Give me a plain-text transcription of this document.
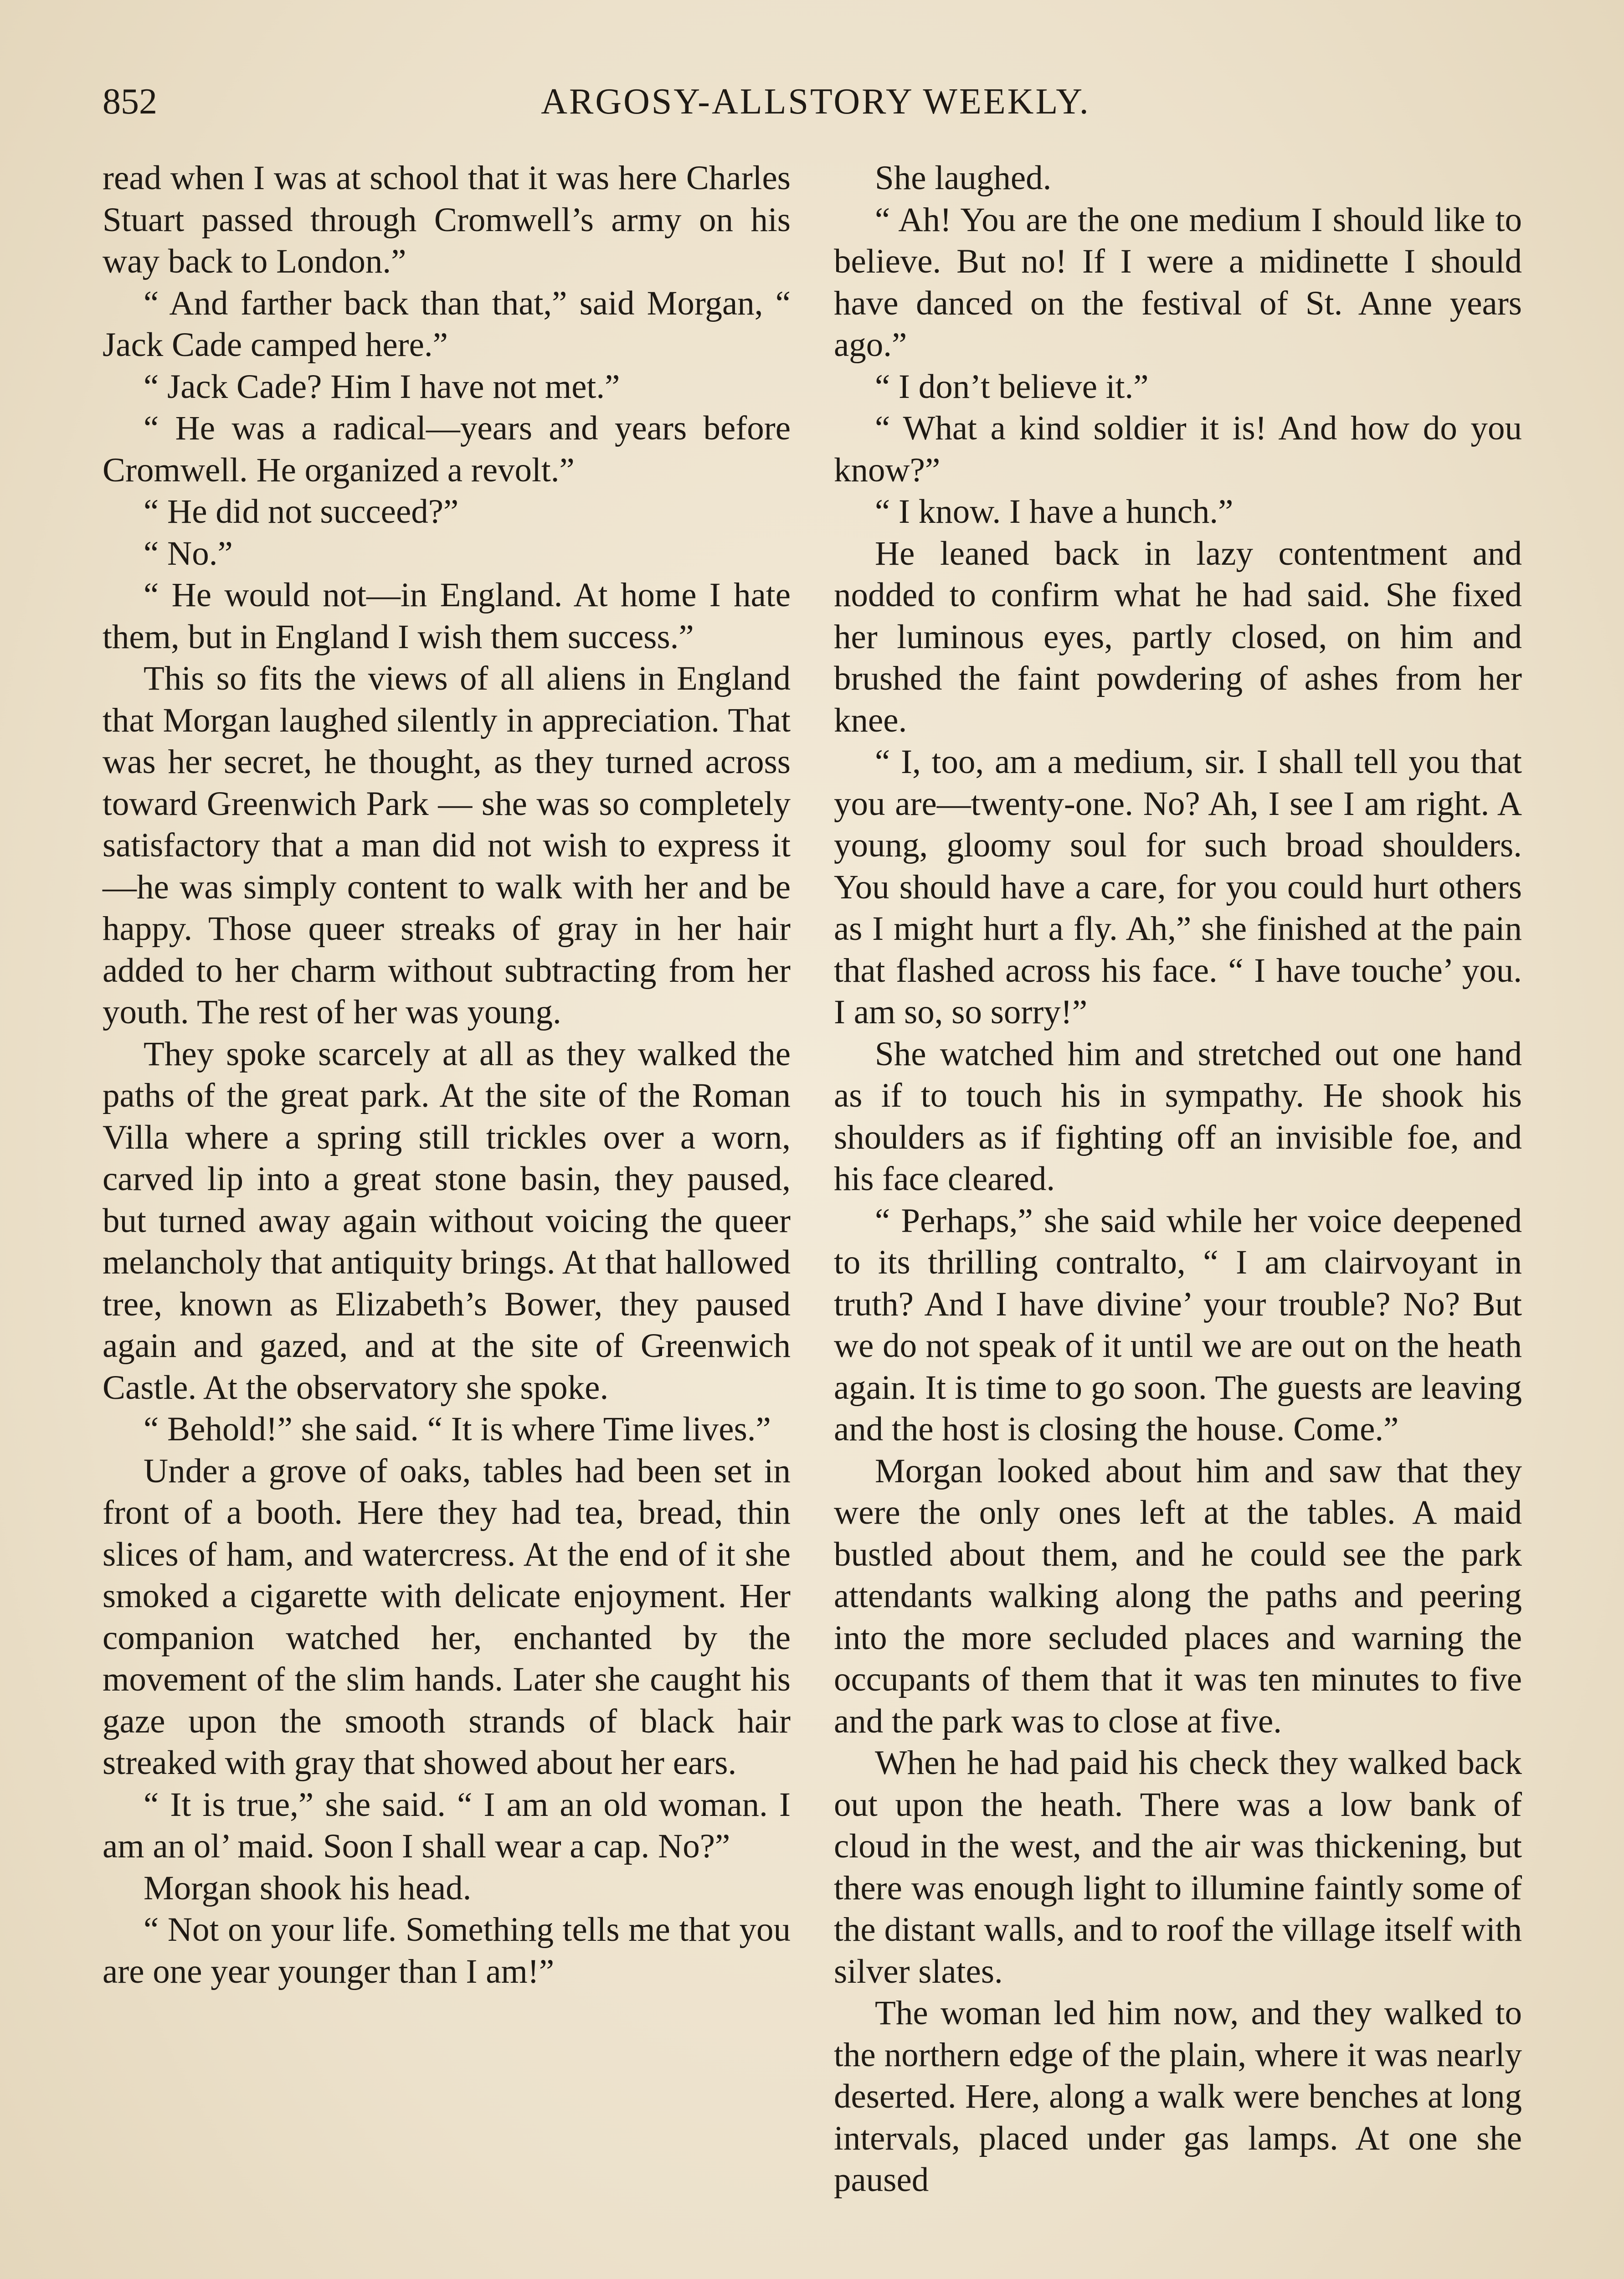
852	ARGOSY-ALLSTORY WEEKLY.

read when I was at school that it was here Charles Stuart passed through Cromwell’s army on his way back to London.”

“ And farther back than that,” said Morgan, “ Jack Cade camped here.”

“ Jack Cade? Him I have not met.”

“ He was a radical—years and years before Cromwell. He organized a revolt.”

“ He did not succeed?”

“ No.”

“ He would not—in England. At home I hate them, but in England I wish them success.”

This so fits the views of all aliens in England that Morgan laughed silently in appreciation. That was her secret, he thought, as they turned across toward Greenwich Park — she was so completely satisfactory that a man did not wish to express it—he was simply content to walk with her and be happy. Those queer streaks of gray in her hair added to her charm without subtracting from her youth. The rest of her was young.

They spoke scarcely at all as they walked the paths of the great park. At the site of the Roman Villa where a spring still trickles over a worn, carved lip into a great stone basin, they paused, but turned away again without voicing the queer melancholy that antiquity brings. At that hallowed tree, known as Elizabeth’s Bower, they paused again and gazed, and at the site of Greenwich Castle. At the observatory she spoke.

“ Behold!” she said. “ It is where Time lives.”

Under a grove of oaks, tables had been set in front of a booth. Here they had tea, bread, thin slices of ham, and watercress. At the end of it she smoked a cigarette with delicate enjoyment. Her companion watched her, enchanted by the movement of the slim hands. Later she caught his gaze upon the smooth strands of black hair streaked with gray that showed about her ears.

“ It is true,” she said. “ I am an old woman. I am an ol’ maid. Soon I shall wear a cap. No?”

Morgan shook his head.

“ Not on your life. Something tells me that you are one year younger than I am!”

She laughed.

“ Ah! You are the one medium I should like to believe. But no! If I were a midinette I should have danced on the festival of St. Anne years ago.”

“ I don’t believe it.”

“ What a kind soldier it is! And how do you know?”

“ I know. I have a hunch.”

He leaned back in lazy contentment and nodded to confirm what he had said. She fixed her luminous eyes, partly closed, on him and brushed the faint powdering of ashes from her knee.

“ I, too, am a medium, sir. I shall tell you that you are—twenty-one. No? Ah, I see I am right. A young, gloomy soul for such broad shoulders. You should have a care, for you could hurt others as I might hurt a fly. Ah,” she finished at the pain that flashed across his face. “ I have touche’ you. I am so, so sorry!”

She watched him and stretched out one hand as if to touch his in sympathy. He shook his shoulders as if fighting off an invisible foe, and his face cleared.

“ Perhaps,” she said while her voice deepened to its thrilling contralto, “ I am clairvoyant in truth? And I have divine’ your trouble? No? But we do not speak of it until we are out on the heath again. It is time to go soon. The guests are leaving and the host is closing the house. Come.”

Morgan looked about him and saw that they were the only ones left at the tables. A maid bustled about them, and he could see the park attendants walking along the paths and peering into the more secluded places and warning the occupants of them that it was ten minutes to five and the park was to close at five.

When he had paid his check they walked back out upon the heath. There was a low bank of cloud in the west, and the air was thickening, but there was enough light to illumine faintly some of the distant walls, and to roof the village itself with silver slates.

The woman led him now, and they walked to the northern edge of the plain, where it was nearly deserted. Here, along a walk were benches at long intervals, placed under gas lamps. At one she paused
